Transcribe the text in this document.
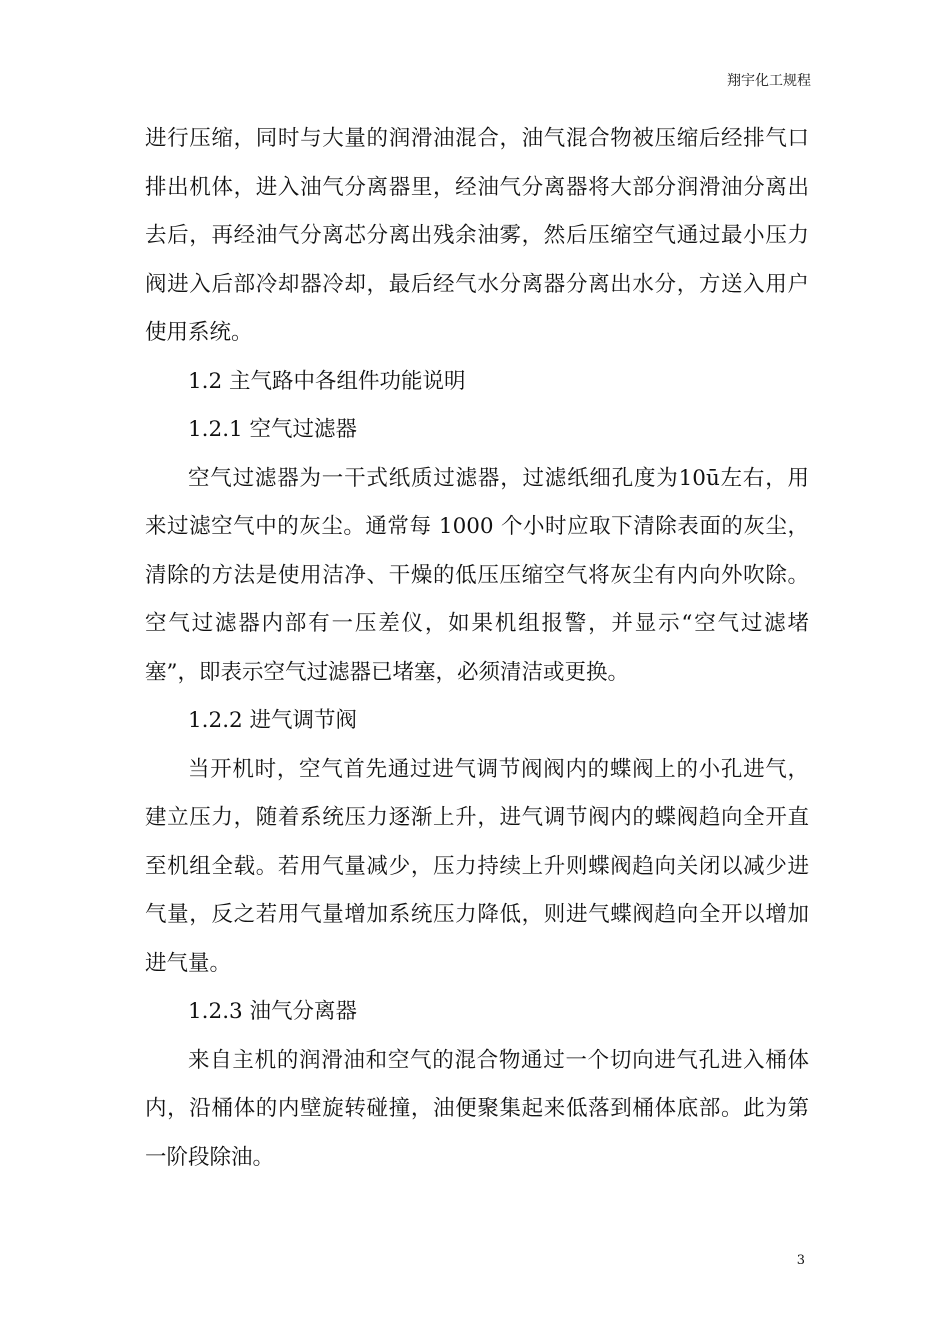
翔宇化工规程

进行压缩，同时与大量的润滑油混合，油气混合物被压缩后经排气口排出机体，进入油气分离器里，经油气分离器将大部分润滑油分离出去后，再经油气分离芯分离出残余油雾，然后压缩空气通过最小压力阀进入后部冷却器冷却，最后经气水分离器分离出水分，方送入用户使用系统。

1.2 主气路中各组件功能说明

1.2.1 空气过滤器

空气过滤器为一干式纸质过滤器，过滤纸细孔度为10ū左右，用来过滤空气中的灰尘。通常每 1000 个小时应取下清除表面的灰尘，清除的方法是使用洁净、干燥的低压压缩空气将灰尘有内向外吹除。空气过滤器内部有一压差仪，如果机组报警，并显示“空气过滤堵塞”，即表示空气过滤器已堵塞，必须清洁或更换。

1.2.2 进气调节阀

当开机时，空气首先通过进气调节阀阀内的蝶阀上的小孔进气，建立压力，随着系统压力逐渐上升，进气调节阀内的蝶阀趋向全开直至机组全载。若用气量减少，压力持续上升则蝶阀趋向关闭以减少进气量，反之若用气量增加系统压力降低，则进气蝶阀趋向全开以增加进气量。

1.2.3 油气分离器

来自主机的润滑油和空气的混合物通过一个切向进气孔进入桶体内，沿桶体的内壁旋转碰撞，油便聚集起来低落到桶体底部。此为第一阶段除油。

3
